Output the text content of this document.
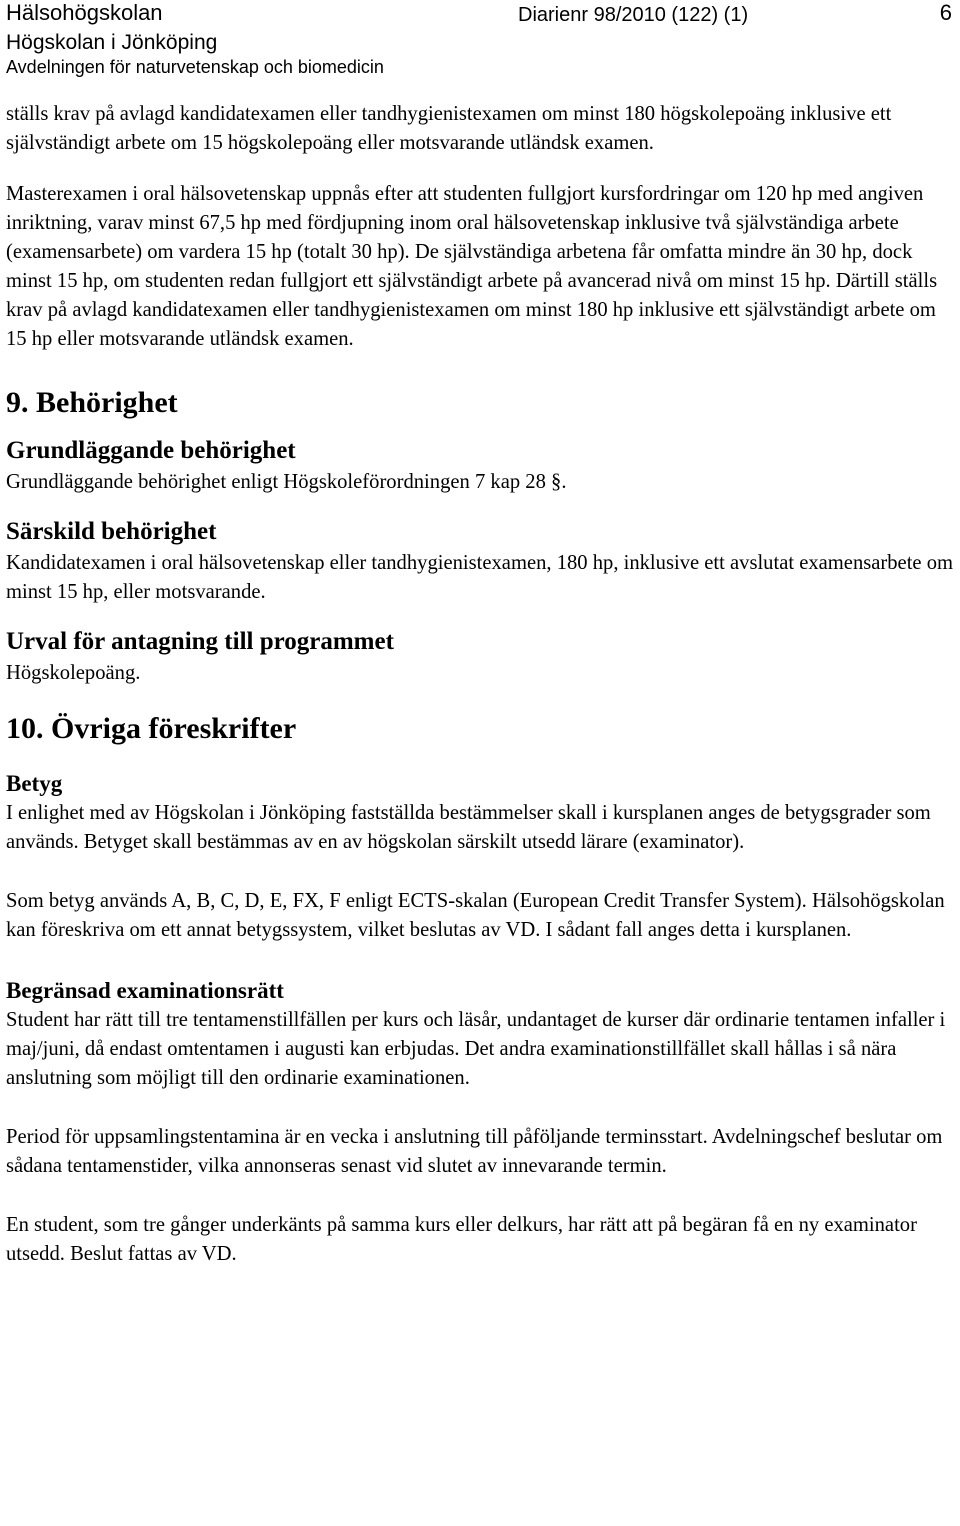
Hälsohögskolan
Högskolan i Jönköping
Avdelningen för naturvetenskap och biomedicin
Diarienr 98/2010 (122) (1)	6

ställs krav på avlagd kandidatexamen eller tandhygienistexamen om minst 180 högskolepoäng inklusive ett självständigt arbete om 15 högskolepoäng eller motsvarande utländsk examen.

Masterexamen i oral hälsovetenskap uppnås efter att studenten fullgjort kursfordringar om 120 hp med angiven inriktning, varav minst 67,5 hp med fördjupning inom oral hälsovetenskap inklusive två självständiga arbete (examensarbete) om vardera 15 hp (totalt 30 hp). De självständiga arbetena får omfatta mindre än 30 hp, dock minst 15 hp, om studenten redan fullgjort ett självständigt arbete på avancerad nivå om minst 15 hp. Därtill ställs krav på avlagd kandidatexamen eller tandhygienistexamen om minst 180 hp inklusive ett självständigt arbete om 15 hp eller motsvarande utländsk examen.

9. Behörighet
Grundläggande behörighet

Grundläggande behörighet enligt Högskoleförordningen 7 kap 28 §.

Särskild behörighet

Kandidatexamen i oral hälsovetenskap eller tandhygienistexamen, 180 hp, inklusive ett avslutat examensarbete om minst 15 hp, eller motsvarande.

Urval för antagning till programmet

Högskolepoäng.

10. Övriga föreskrifter
Betyg

I enlighet med av Högskolan i Jönköping fastställda bestämmelser skall i kursplanen anges de betygsgrader som används. Betyget skall bestämmas av en av högskolan särskilt utsedd lärare (examinator).

Som betyg används A, B, C, D, E, FX, F enligt ECTS-skalan (European Credit Transfer System). Hälsohögskolan kan föreskriva om ett annat betygssystem, vilket beslutas av VD. I sådant fall anges detta i kursplanen.

Begränsad examinationsrätt

Student har rätt till tre tentamenstillfällen per kurs och läsår, undantaget de kurser där ordinarie tentamen infaller i maj/juni, då endast omtentamen i augusti kan erbjudas. Det andra examinationstillfället skall hållas i så nära anslutning som möjligt till den ordinarie examinationen.

Period för uppsamlingstentamina är en vecka i anslutning till påföljande terminsstart. Avdelningschef beslutar om sådana tentamenstider, vilka annonseras senast vid slutet av innevarande termin.

En student, som tre gånger underkänts på samma kurs eller delkurs, har rätt att på begäran få en ny examinator utsedd. Beslut fattas av VD.
